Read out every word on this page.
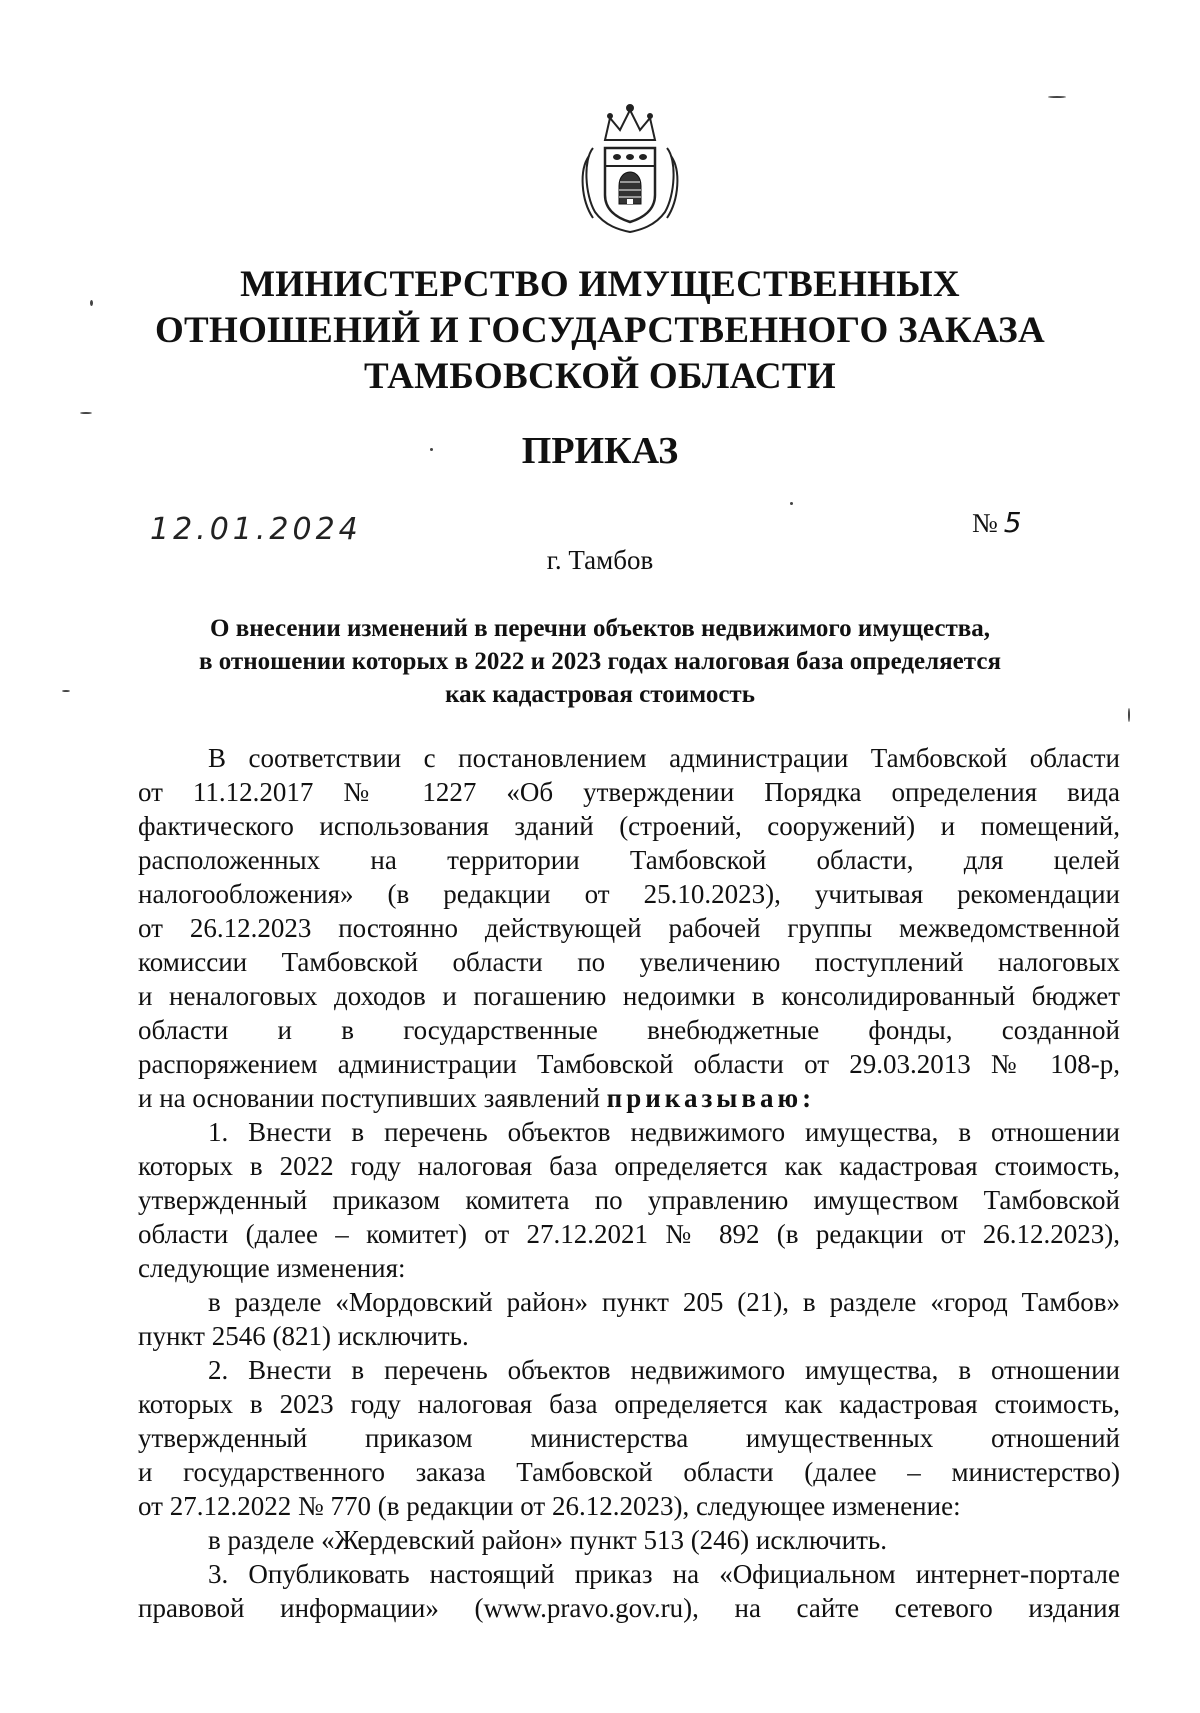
МИНИСТЕРСТВО ИМУЩЕСТВЕННЫХ
ОТНОШЕНИЙ И ГОСУДАРСТВЕННОГО ЗАКАЗА
ТАМБОВСКОЙ ОБЛАСТИ
ПРИКАЗ
12.01.2024	№ 5
г. Тамбов
О внесении изменений в перечни объектов недвижимого имущества,
в отношении которых в 2022 и 2023 годах налоговая база определяется
как кадастровая стоимость
В соответствии с постановлением администрации Тамбовской области
от 11.12.2017 № 1227 «Об утверждении Порядка определения вида
фактического использования зданий (строений, сооружений) и помещений,
расположенных на территории Тамбовской области, для целей
налогообложения» (в редакции от 25.10.2023), учитывая рекомендации
от 26.12.2023 постоянно действующей рабочей группы межведомственной
комиссии Тамбовской области по увеличению поступлений налоговых
и неналоговых доходов и погашению недоимки в консолидированный бюджет
области и в государственные внебюджетные фонды, созданной
распоряжением администрации Тамбовской области от 29.03.2013 № 108-р,
и на основании поступивших заявлений приказываю:
1. Внести в перечень объектов недвижимого имущества, в отношении
которых в 2022 году налоговая база определяется как кадастровая стоимость,
утвержденный приказом комитета по управлению имуществом Тамбовской
области (далее – комитет) от 27.12.2021 № 892 (в редакции от 26.12.2023),
следующие изменения:
в разделе «Мордовский район» пункт 205 (21), в разделе «город Тамбов»
пункт 2546 (821) исключить.
2. Внести в перечень объектов недвижимого имущества, в отношении
которых в 2023 году налоговая база определяется как кадастровая стоимость,
утвержденный приказом министерства имущественных отношений
и государственного заказа Тамбовской области (далее – министерство)
от 27.12.2022 № 770 (в редакции от 26.12.2023), следующее изменение:
в разделе «Жердевский район» пункт 513 (246) исключить.
3. Опубликовать настоящий приказ на «Официальном интернет-портале
правовой информации» (www.pravo.gov.ru), на сайте сетевого издания
